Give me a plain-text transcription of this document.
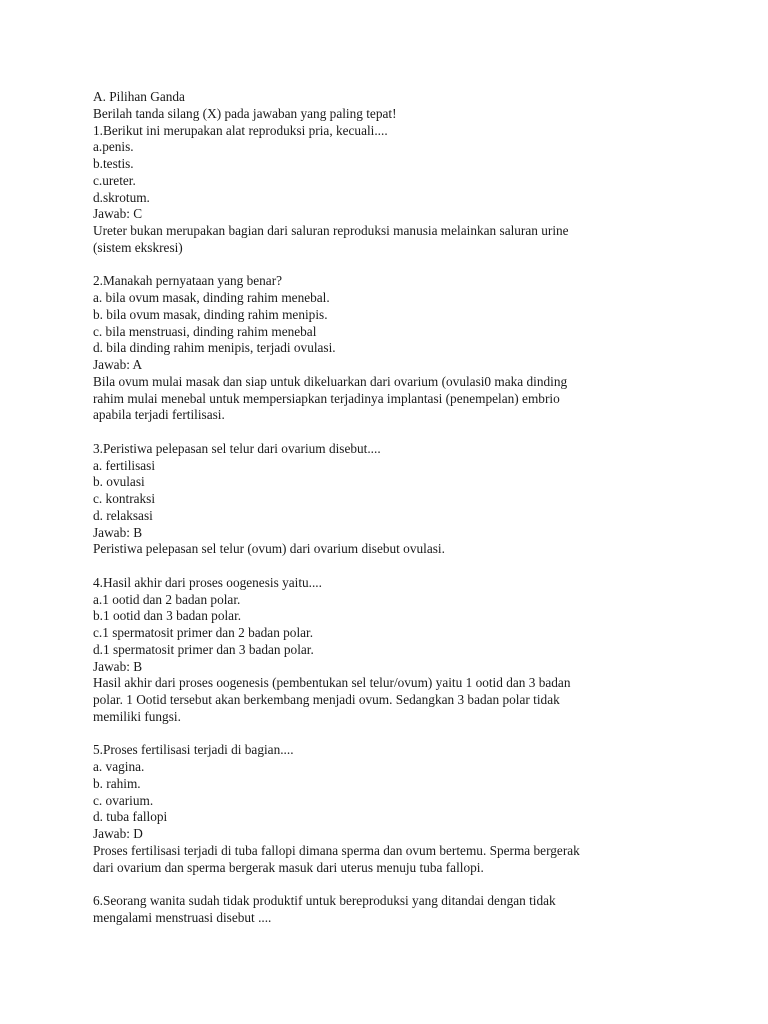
A. Pilihan Ganda
Berilah tanda silang (X) pada jawaban yang paling tepat!
1.Berikut ini merupakan alat reproduksi pria, kecuali....
a.penis.
b.testis.
c.ureter.
d.skrotum.
Jawab: C
Ureter bukan merupakan bagian dari saluran reproduksi manusia melainkan saluran urine
(sistem ekskresi)
2.Manakah pernyataan yang benar?
a. bila ovum masak, dinding rahim menebal.
b. bila ovum masak, dinding rahim menipis.
c. bila menstruasi, dinding rahim menebal
d. bila dinding rahim menipis, terjadi ovulasi.
Jawab: A
Bila ovum mulai masak dan siap untuk dikeluarkan dari ovarium (ovulasi0 maka dinding
rahim mulai menebal untuk mempersiapkan terjadinya implantasi (penempelan) embrio
apabila terjadi fertilisasi.
3.Peristiwa pelepasan sel telur dari ovarium disebut....
a. fertilisasi
b. ovulasi
c. kontraksi
d. relaksasi
Jawab: B
Peristiwa pelepasan sel telur (ovum) dari ovarium disebut ovulasi.
4.Hasil akhir dari proses oogenesis yaitu....
a.1 ootid dan 2 badan polar.
b.1 ootid dan 3 badan polar.
c.1 spermatosit primer dan 2 badan polar.
d.1 spermatosit primer dan 3 badan polar.
Jawab: B
Hasil akhir dari proses oogenesis (pembentukan sel telur/ovum) yaitu 1 ootid dan 3 badan
polar. 1 Ootid tersebut akan berkembang menjadi ovum. Sedangkan 3 badan polar tidak
memiliki fungsi.
5.Proses fertilisasi terjadi di bagian....
a. vagina.
b. rahim.
c. ovarium.
d. tuba fallopi
Jawab: D
Proses fertilisasi terjadi di tuba fallopi dimana sperma dan ovum bertemu. Sperma bergerak
dari ovarium dan sperma bergerak masuk dari uterus menuju tuba fallopi.
6.Seorang wanita sudah tidak produktif untuk bereproduksi yang ditandai dengan tidak
mengalami menstruasi disebut ....
